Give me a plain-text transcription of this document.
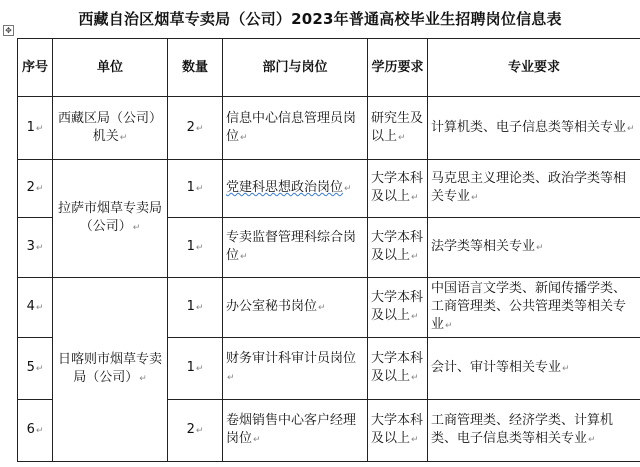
西藏自治区烟草专卖局（公司）2023年普通高校毕业生招聘岗位信息表
✥
序号	单位	数量	部门与岗位	学历要求	专业要求
1↵	西藏区局（公司）机关↵	2↵	信息中心信息管理员岗位↵	研究生及以上↵	计算机类、电子信息类等相关专业↵
2↵	拉萨市烟草专卖局（公司）↵	1↵	党建科思想政治岗位↵	大学本科及以上↵	马克思主义理论类、政治学类等相关专业↵
3↵		1↵	专卖监督管理科综合岗位↵	大学本科及以上↵	法学类等相关专业↵
4↵	日喀则市烟草专卖局（公司）↵	1↵	办公室秘书岗位↵	大学本科及以上↵	中国语言文学类、新闻传播学类、工商管理类、公共管理类等相关专业↵
5↵		1↵	财务审计科审计员岗位↵	大学本科及以上↵	会计、审计等相关专业↵
6↵		2↵	卷烟销售中心客户经理岗位↵	大学本科及以上↵	工商管理类、经济学类、计算机类、电子信息类等相关专业↵
